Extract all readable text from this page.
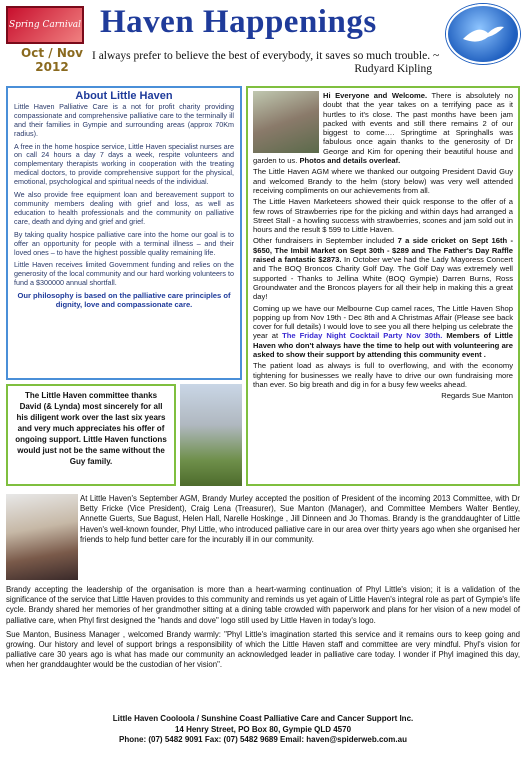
Spring Carnival Haven Happenings
Oct / Nov
2012
I always prefer to believe the best of everybody, it saves so much trouble. ~
Rudyard Kipling
About Little Haven

Little Haven Palliative Care is a not for profit charity providing compassionate and comprehensive palliative care to the terminally ill and their families in Gympie and surrounding areas (approx 70Km radius).

A free in the home hospice service, Little Haven specialist nurses are on call 24 hours a day 7 days a week, respite volunteers and complementary therapists working in cooperation with the treating medical doctors, to provide comprehensive support for the physical, emotional, psychological and spiritual needs of the individual.

We also provide free equipment loan and bereavement support to community members dealing with grief and loss, as well as education to health professionals and the community on palliative care, death and dying and grief and grief.

By taking quality hospice palliative care into the home our goal is to offer an opportunity for people with a terminal illness – and their loved ones – to have the highest possible quality remaining life.

Little Haven receives limited Government funding and relies on the generosity of the local community and our hard working volunteers to fund a $300000 annual shortfall.

Our philosophy is based on the palliative care principles of dignity, love and compassionate care.

The Little Haven committee thanks David (& Lynda) most sincerely for all his diligent work over the last six years and very much appreciates his offer of ongoing support. Little Haven functions would just not be the same without the Guy family.

Hi Everyone and Welcome. There is absolutely no doubt that the year takes on a terrifying pace as it hurtles to it's close. The past months have been jam packed with events and still there remains 2 of our biggest to come…. Springtime at Springhalls was fabulous once again thanks to the generosity of Dr George and Kim for opening their beautiful house and garden to us. Photos and details overleaf.

The Little Haven AGM where we thanked our outgoing President David Guy and welcomed Brandy to the helm (story below) was very well attended receiving compliments on our achievements from all.

The Little Haven Marketeers showed their quick response to the offer of a few rows of Strawberries ripe for the picking and within days had arranged a Street Stall - a howling success with strawberries, scones and jam sold out in hours and the result $ 599 to Little Haven.

Other fundraisers in September included 7 a side cricket on Sept 16th - $650, The Imbil Market on Sept 30th - $289 and The Father's Day Raffle raised a fantastic $2873. In October we've had the Lady Mayoress Concert and The BOQ Broncos Charity Golf Day. The Golf Day was extremely well supported - Thanks to Jellina White (BOQ Gympie) Darren Burns, Ross Groundwater and the Broncos players for all their help in making this a great day!

Coming up we have our Melbourne Cup camel races, The Little Haven Shop popping up from Nov 19th - Dec 8th and A Christmas Affair (Please see back cover for full details) I would love to see you all there helping us celebrate the year at The Friday Night Cocktail Party Nov 30th. Members of Little Haven who don't always have the time to help out with volunteering are asked to show their support by attending this community event .

The patient load as always is full to overflowing, and with the economy tightening for businesses we really have to drive our own fundraising more than ever. So big breath and dig in for a busy few weeks ahead.

Regards Sue Manton

At Little Haven's September AGM, Brandy Murley accepted the position of President of the incoming 2013 Committee, with Dr Betty Fricke (Vice President), Craig Lena (Treasurer), Sue Manton (Manager), and Committee Members Walter Bentley, Annette Guerts, Sue Bagust, Helen Hall, Narelle Hoskinge , Jill Dinneen and Jo Thomas. Brandy is the granddaughter of Little Haven's well-known founder, Phyl Little, who introduced palliative care in our area over thirty years ago when she organised her friends to help fund better care for the incurably ill in our community.

Brandy accepting the leadership of the organisation is more than a heart-warming continuation of Phyl Little's vision; it is a validation of the significance of the service that Little Haven provides to this community and reminds us yet again of Little Haven's integral role as part of Gympie's life cycle. Brandy shared her memories of her grandmother sitting at a dining table crowded with paperwork and plans for her vision of a new model of palliative care, when Phyl first designed the "hands and dove" logo still used by Little Haven in today's logo.

Sue Manton, Business Manager , welcomed Brandy warmly: "Phyl Little's imagination started this service and it remains ours to keep going and growing. Our history and level of support brings a responsibility of which the Little Haven staff and committee are very mindful. Phyl's vision for palliative care 30 years ago is what has made our community an acknowledged leader in palliative care today. I wonder if Phyl imagined this day, when her granddaughter would be the custodian of her vision".

Little Haven Cooloola / Sunshine Coast Palliative Care and Cancer Support Inc.
14 Henry Street, PO Box 80, Gympie QLD 4570
Phone: (07) 5482 9091 Fax: (07) 5482 9689 Email: haven@spiderweb.com.au
